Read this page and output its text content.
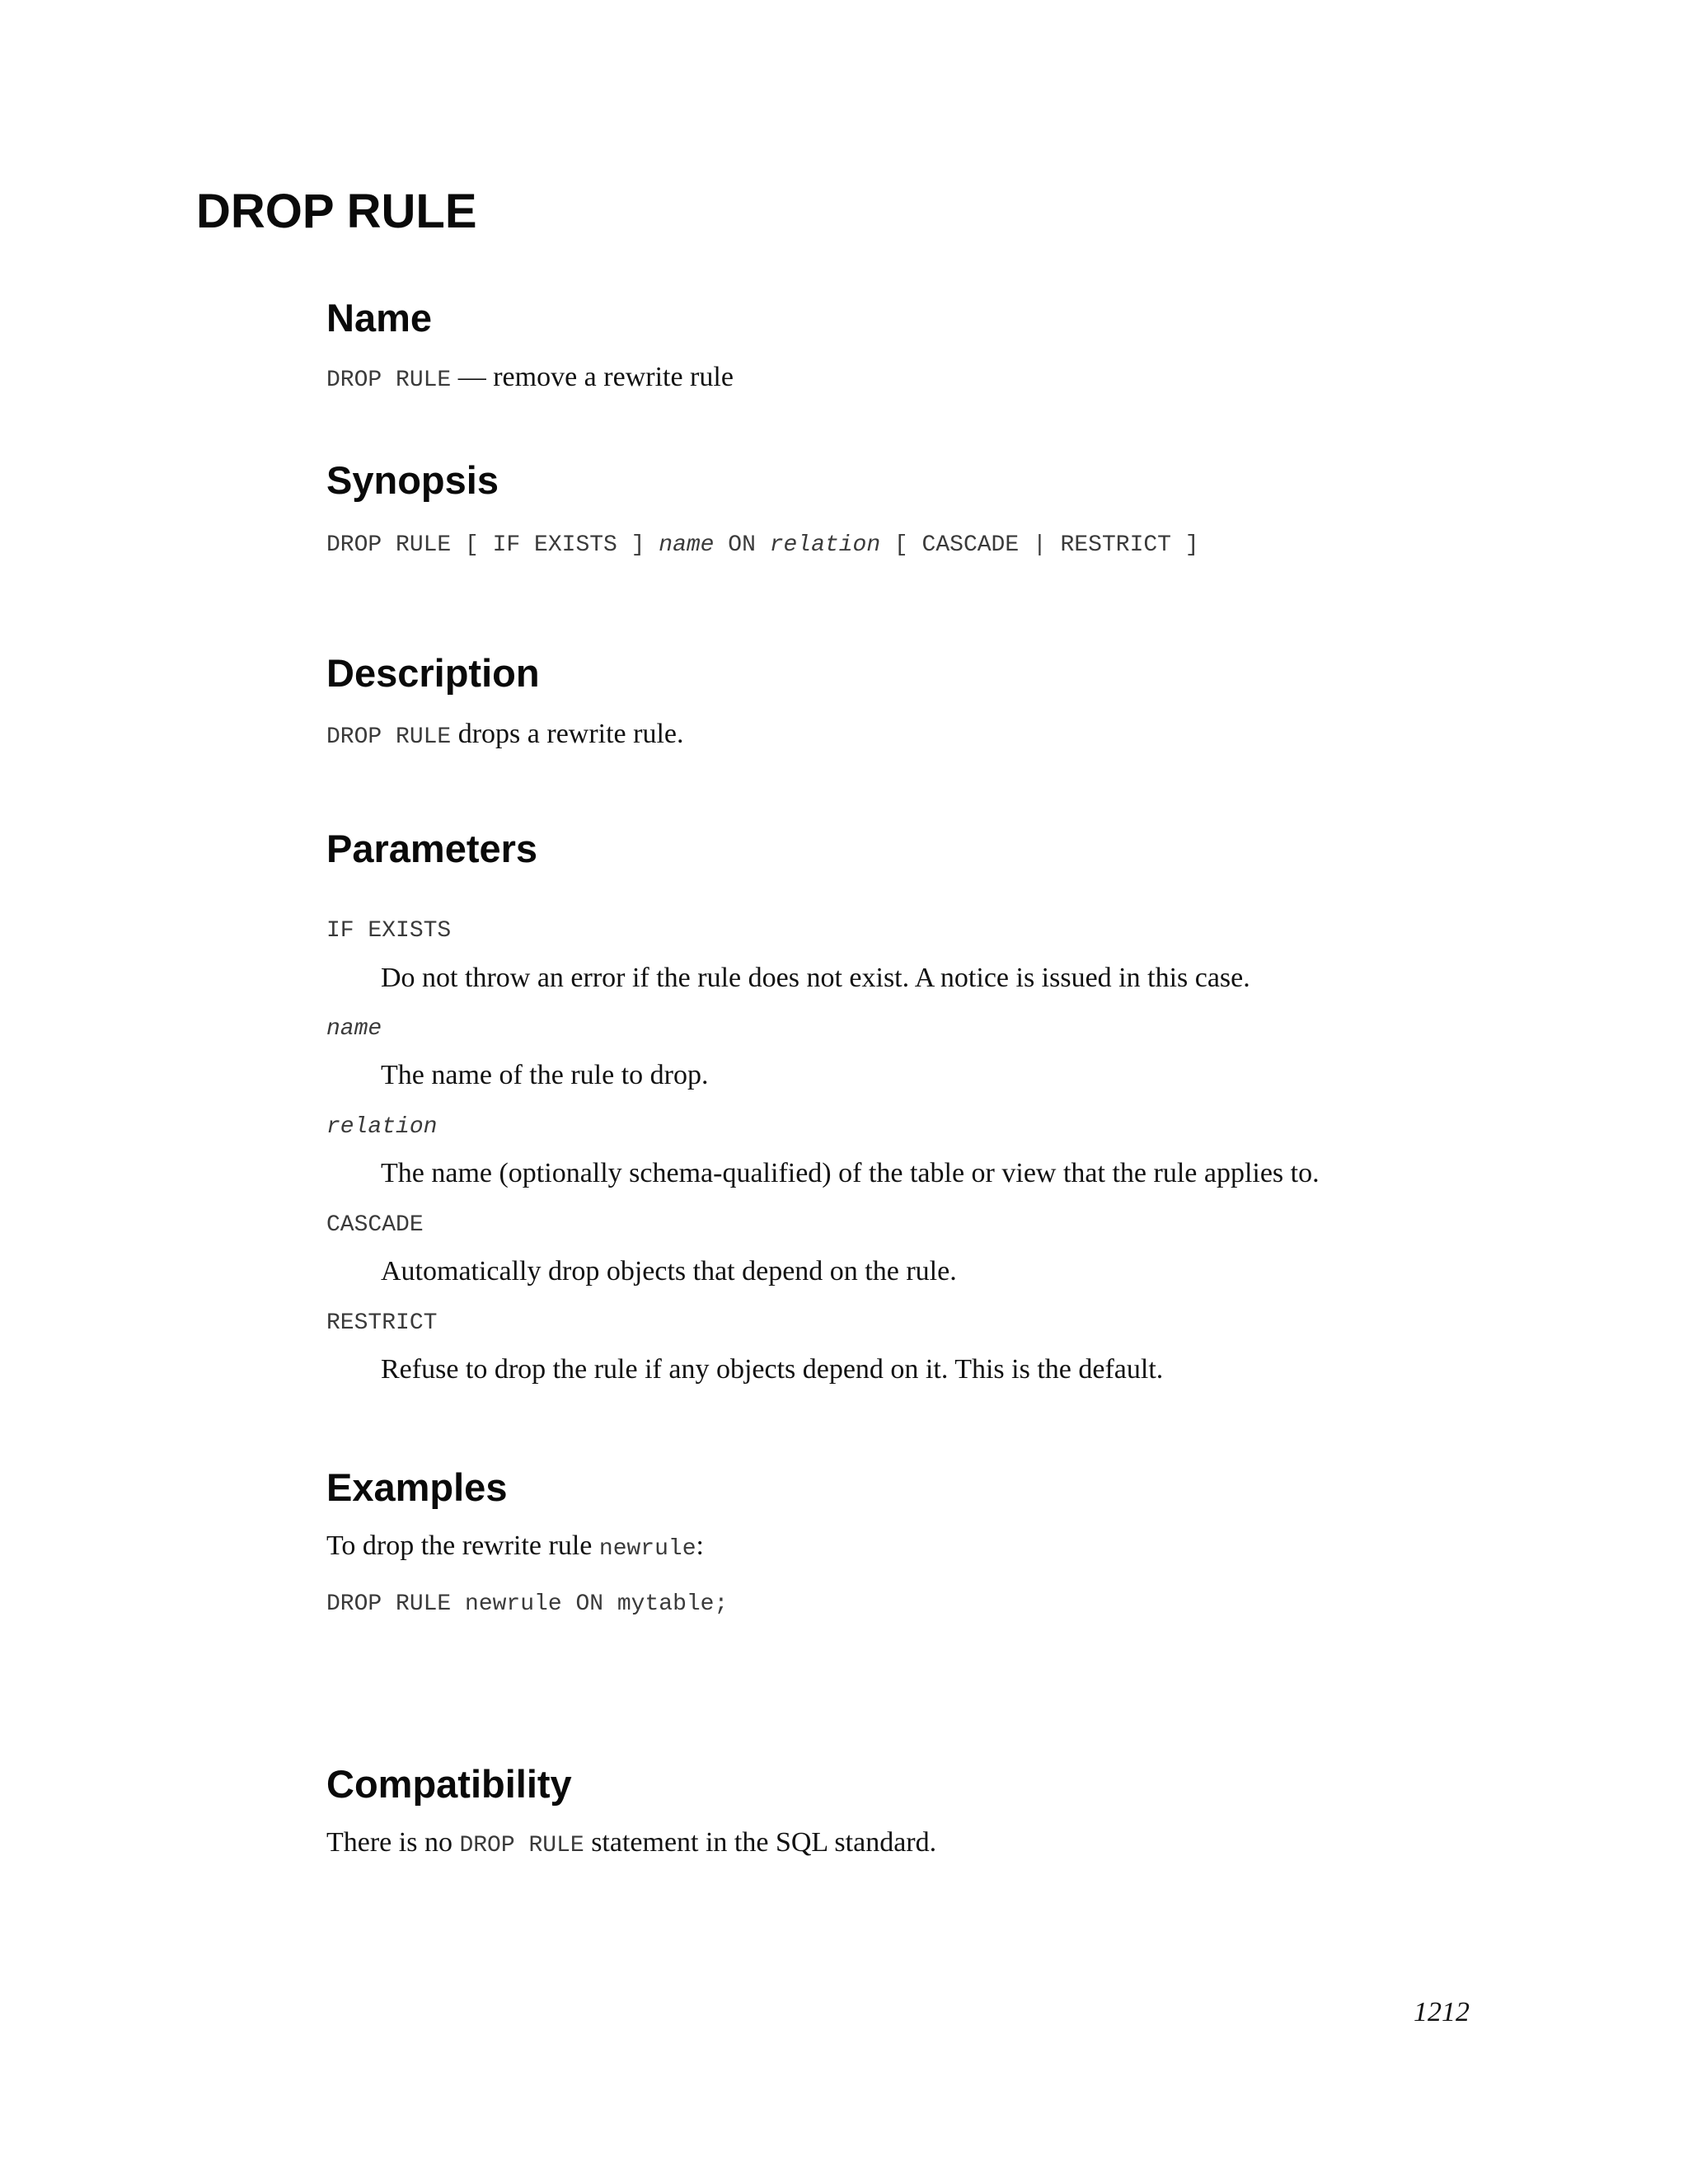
DROP RULE
Name
DROP RULE — remove a rewrite rule
Synopsis
DROP RULE [ IF EXISTS ] name ON relation [ CASCADE | RESTRICT ]
Description
DROP RULE drops a rewrite rule.
Parameters
IF EXISTS
Do not throw an error if the rule does not exist. A notice is issued in this case.
name
The name of the rule to drop.
relation
The name (optionally schema-qualified) of the table or view that the rule applies to.
CASCADE
Automatically drop objects that depend on the rule.
RESTRICT
Refuse to drop the rule if any objects depend on it. This is the default.
Examples
To drop the rewrite rule newrule:
DROP RULE newrule ON mytable;
Compatibility
There is no DROP RULE statement in the SQL standard.
1212
